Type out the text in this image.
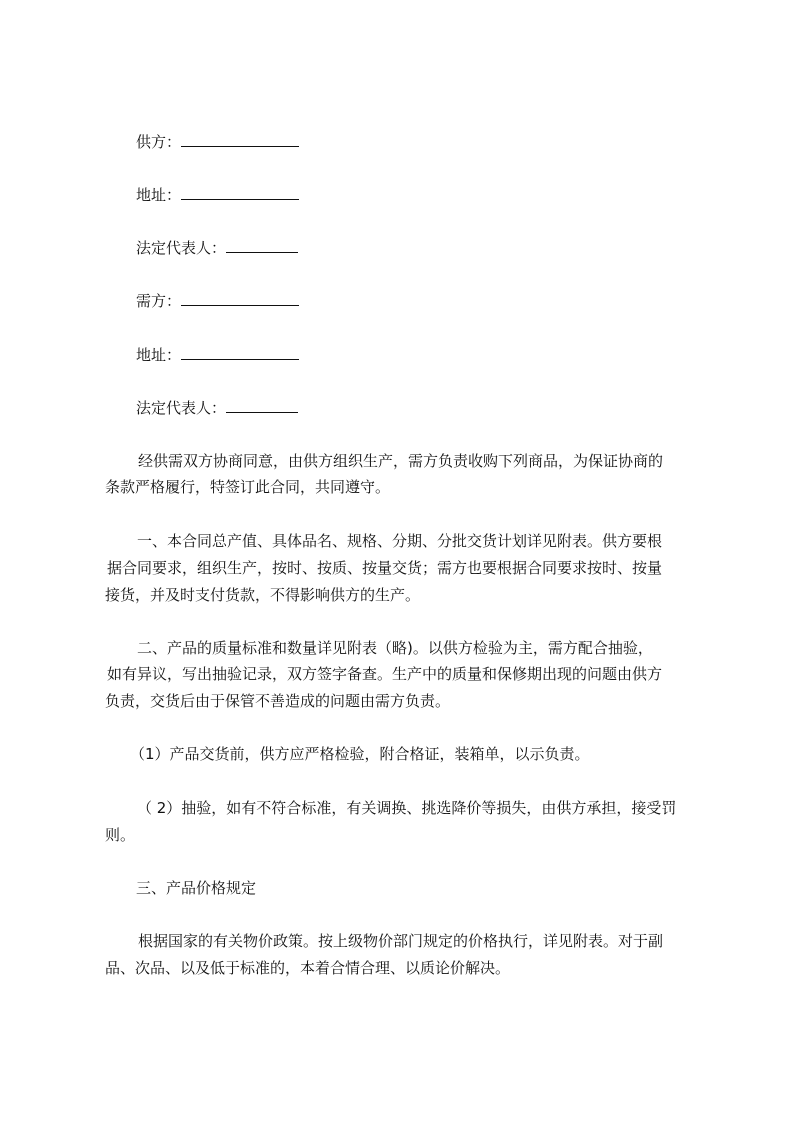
供方：
地址：
法定代表人：
需方：
地址：
法定代表人：
经供需双方协商同意，由供方组织生产，需方负责收购下列商品，为保证协商的
条款严格履行，特签订此合同，共同遵守。
一、本合同总产值、具体品名、规格、分期、分批交货计划详见附表。供方要根
据合同要求，组织生产，按时、按质、按量交货；需方也要根据合同要求按时、按量
接货，并及时支付货款，不得影响供方的生产。
二、产品的质量标准和数量详见附表（略)。以供方检验为主，需方配合抽验，
如有异议，写出抽验记录，双方签字备查。生产中的质量和保修期出现的问题由供方
负责，交货后由于保管不善造成的问题由需方负责。
（1）产品交货前，供方应严格检验，附合格证，装箱单，以示负责。
（ 2）抽验，如有不符合标准，有关调换、挑选降价等损失，由供方承担，接受罚
则。
三、产品价格规定
根据国家的有关物价政策。按上级物价部门规定的价格执行，详见附表。对于副
品、次品、以及低于标准的，本着合情合理、以质论价解决。
